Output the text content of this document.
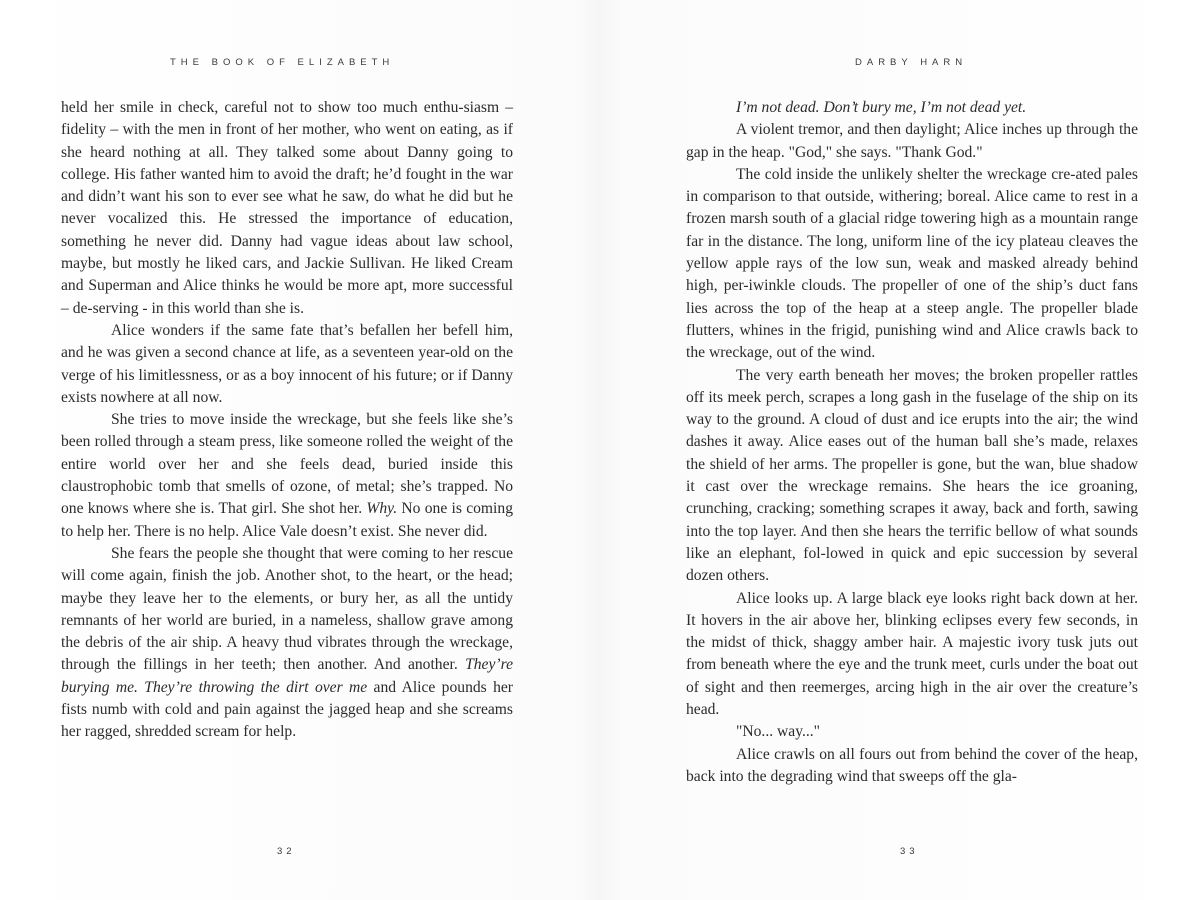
THE BOOK OF ELIZABETH

held her smile in check, careful not to show too much enthu-siasm – fidelity – with the men in front of her mother, who went on eating, as if she heard nothing at all. They talked some about Danny going to college. His father wanted him to avoid the draft; he’d fought in the war and didn’t want his son to ever see what he saw, do what he did but he never vocalized this. He stressed the importance of education, something he never did. Danny had vague ideas about law school, maybe, but mostly he liked cars, and Jackie Sullivan. He liked Cream and Superman and Alice thinks he would be more apt, more successful – de-serving - in this world than she is.

Alice wonders if the same fate that’s befallen her befell him, and he was given a second chance at life, as a seventeen year-old on the verge of his limitlessness, or as a boy innocent of his future; or if Danny exists nowhere at all now.

She tries to move inside the wreckage, but she feels like she’s been rolled through a steam press, like someone rolled the weight of the entire world over her and she feels dead, buried inside this claustrophobic tomb that smells of ozone, of metal; she’s trapped. No one knows where she is. That girl. She shot her. Why. No one is coming to help her. There is no help. Alice Vale doesn’t exist. She never did.

She fears the people she thought that were coming to her rescue will come again, finish the job. Another shot, to the heart, or the head; maybe they leave her to the elements, or bury her, as all the untidy remnants of her world are buried, in a nameless, shallow grave among the debris of the air ship. A heavy thud vibrates through the wreckage, through the fillings in her teeth; then another. And another. They’re burying me. They’re throwing the dirt over me and Alice pounds her fists numb with cold and pain against the jagged heap and she screams her ragged, shredded scream for help.

32
DARBY HARN

I’m not dead. Don’t bury me, I’m not dead yet.

A violent tremor, and then daylight; Alice inches up through the gap in the heap. "God," she says. "Thank God."

The cold inside the unlikely shelter the wreckage cre-ated pales in comparison to that outside, withering; boreal. Alice came to rest in a frozen marsh south of a glacial ridge towering high as a mountain range far in the distance. The long, uniform line of the icy plateau cleaves the yellow apple rays of the low sun, weak and masked already behind high, per-iwinkle clouds. The propeller of one of the ship’s duct fans lies across the top of the heap at a steep angle. The propeller blade flutters, whines in the frigid, punishing wind and Alice crawls back to the wreckage, out of the wind.

The very earth beneath her moves; the broken propeller rattles off its meek perch, scrapes a long gash in the fuselage of the ship on its way to the ground. A cloud of dust and ice erupts into the air; the wind dashes it away. Alice eases out of the human ball she’s made, relaxes the shield of her arms. The propeller is gone, but the wan, blue shadow it cast over the wreckage remains. She hears the ice groaning, crunching, cracking; something scrapes it away, back and forth, sawing into the top layer. And then she hears the terrific bellow of what sounds like an elephant, fol-lowed in quick and epic succession by several dozen others.

Alice looks up. A large black eye looks right back down at her. It hovers in the air above her, blinking eclipses every few seconds, in the midst of thick, shaggy amber hair. A majestic ivory tusk juts out from beneath where the eye and the trunk meet, curls under the boat out of sight and then reemerges, arcing high in the air over the creature’s head.

"No... way..."

Alice crawls on all fours out from behind the cover of the heap, back into the degrading wind that sweeps off the gla-

33
